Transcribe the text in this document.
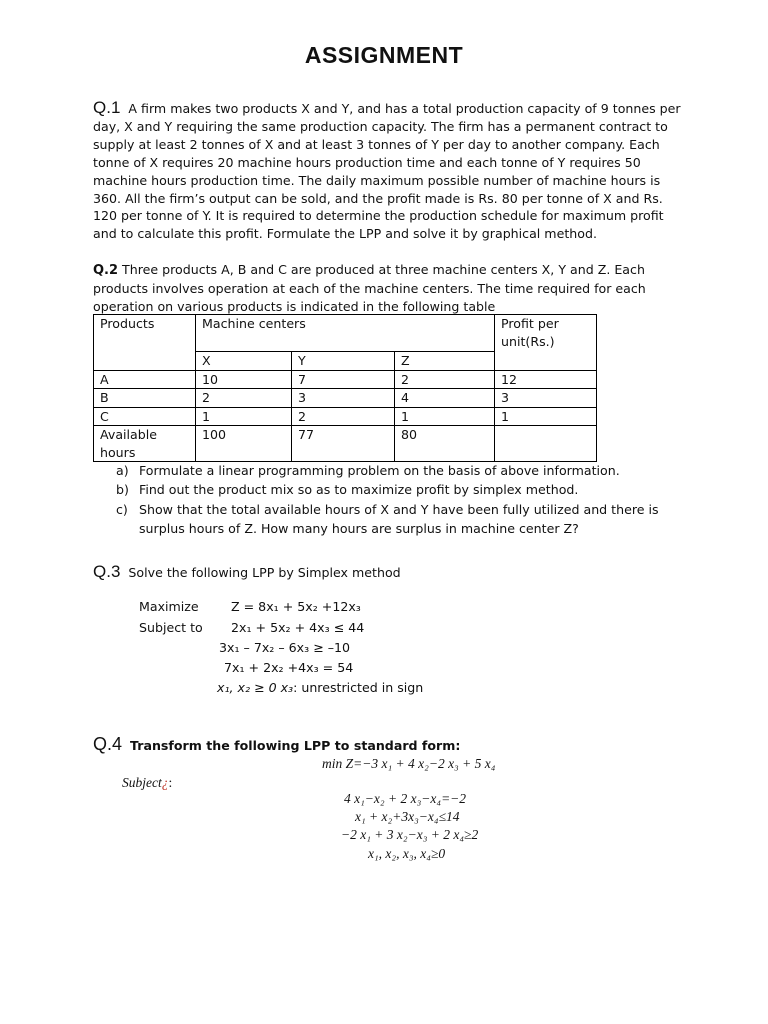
ASSIGNMENT
Q.1 A firm makes two products X and Y, and has a total production capacity of 9 tonnes per day, X and Y requiring the same production capacity. The firm has a permanent contract to supply at least 2 tonnes of X and at least 3 tonnes of Y per day to another company. Each tonne of X requires 20 machine hours production time and each tonne of Y requires 50 machine hours production time. The daily maximum possible number of machine hours is 360. All the firm’s output can be sold, and the profit made is Rs. 80 per tonne of X and Rs. 120 per tonne of Y. It is required to determine the production schedule for maximum profit and to calculate this profit. Formulate the LPP and solve it by graphical method.
Q.2 Three products A, B and C are produced at three machine centers X, Y and Z. Each products involves operation at each of the machine centers. The time required for each operation on various products is indicated in the following table
Products	Machine centers			Profit per unit(Rs.)
	X	Y	Z	
A	10	7	2	12
B	2	3	4	3
C	1	2	1	1
Available hours	100	77	80	
a) Formulate a linear programming problem on the basis of above information.
b) Find out the product mix so as to maximize profit by simplex method.
c) Show that the total available hours of X and Y have been fully utilized and there is surplus hours of Z. How many hours are surplus in machine center Z?
Q.3 Solve the following LPP by Simplex method
Maximize	Z = 8x₁ + 5x₂ +12x₃
Subject to 2x₁ + 5x₂ + 4x₃ ≤ 44
3x₁ – 7x₂ – 6x₃ ≥ –10
7x₁ + 2x₂ +4x₃ = 54
x₁, x₂ ≥ 0 x₃: unrestricted in sign
Q.4 Transform the following LPP to standard form:
min Z=−3 x₁ + 4 x₂−2 x₃ + 5 x₄
Subject¿:
4 x₁−x₂ + 2 x₃−x₄=−2
x₁ + x₂+3x₃−x₄≤14
−2 x₁ + 3 x₂−x₃ + 2 x₄≥2
x₁, x₂, x₃, x₄≥0
